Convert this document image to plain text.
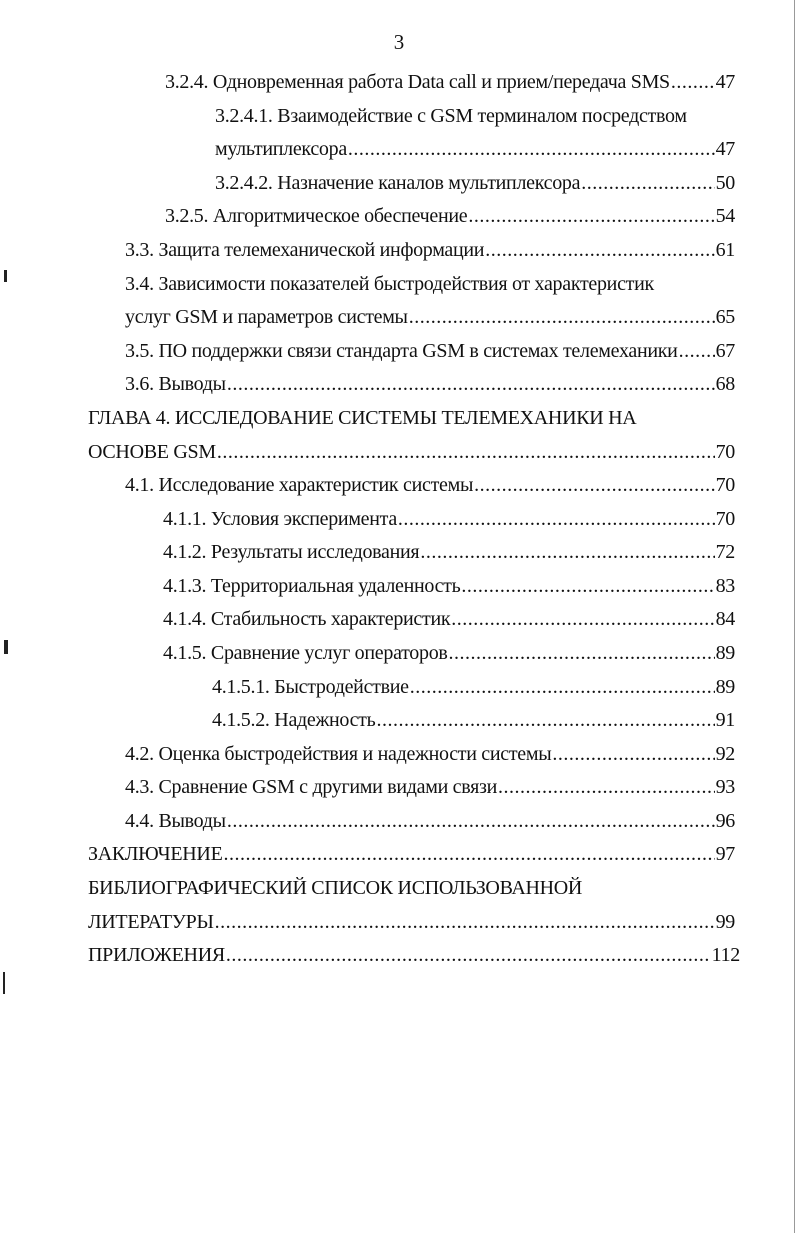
3
3.2.4. Одновременная работа Data call и прием/передача SMS ..... 47
3.2.4.1. Взаимодействие с GSM терминалом посредством
мультиплексора .....	47
3.2.4.2. Назначение каналов мультиплексора .....	50
3.2.5. Алгоритмическое обеспечение .....	54
3.3. Защита телемеханической информации .....	61
3.4. Зависимости показателей быстродействия от характеристик
услуг GSM и параметров системы .....	65
3.5. ПО поддержки связи стандарта GSM в системах телемеханики ..... 67
3.6. Выводы .....	68
ГЛАВА 4. ИССЛЕДОВАНИЕ СИСТЕМЫ ТЕЛЕМЕХАНИКИ НА
ОСНОВЕ GSM .....	70
4.1. Исследование характеристик системы .....	70
4.1.1. Условия эксперимента .....	70
4.1.2. Результаты исследования .....	72
4.1.3. Территориальная удаленность .....	83
4.1.4. Стабильность характеристик .....	84
4.1.5. Сравнение услуг операторов .....	89
4.1.5.1. Быстродействие .....	89
4.1.5.2. Надежность .....	91
4.2. Оценка быстродействия и надежности системы .....	92
4.3. Сравнение GSM с другими видами связи .....	93
4.4. Выводы .....	96
ЗАКЛЮЧЕНИЕ .....	97
БИБЛИОГРАФИЧЕСКИЙ СПИСОК ИСПОЛЬЗОВАННОЙ
ЛИТЕРАТУРЫ .....	99
ПРИЛОЖЕНИЯ .....	112
